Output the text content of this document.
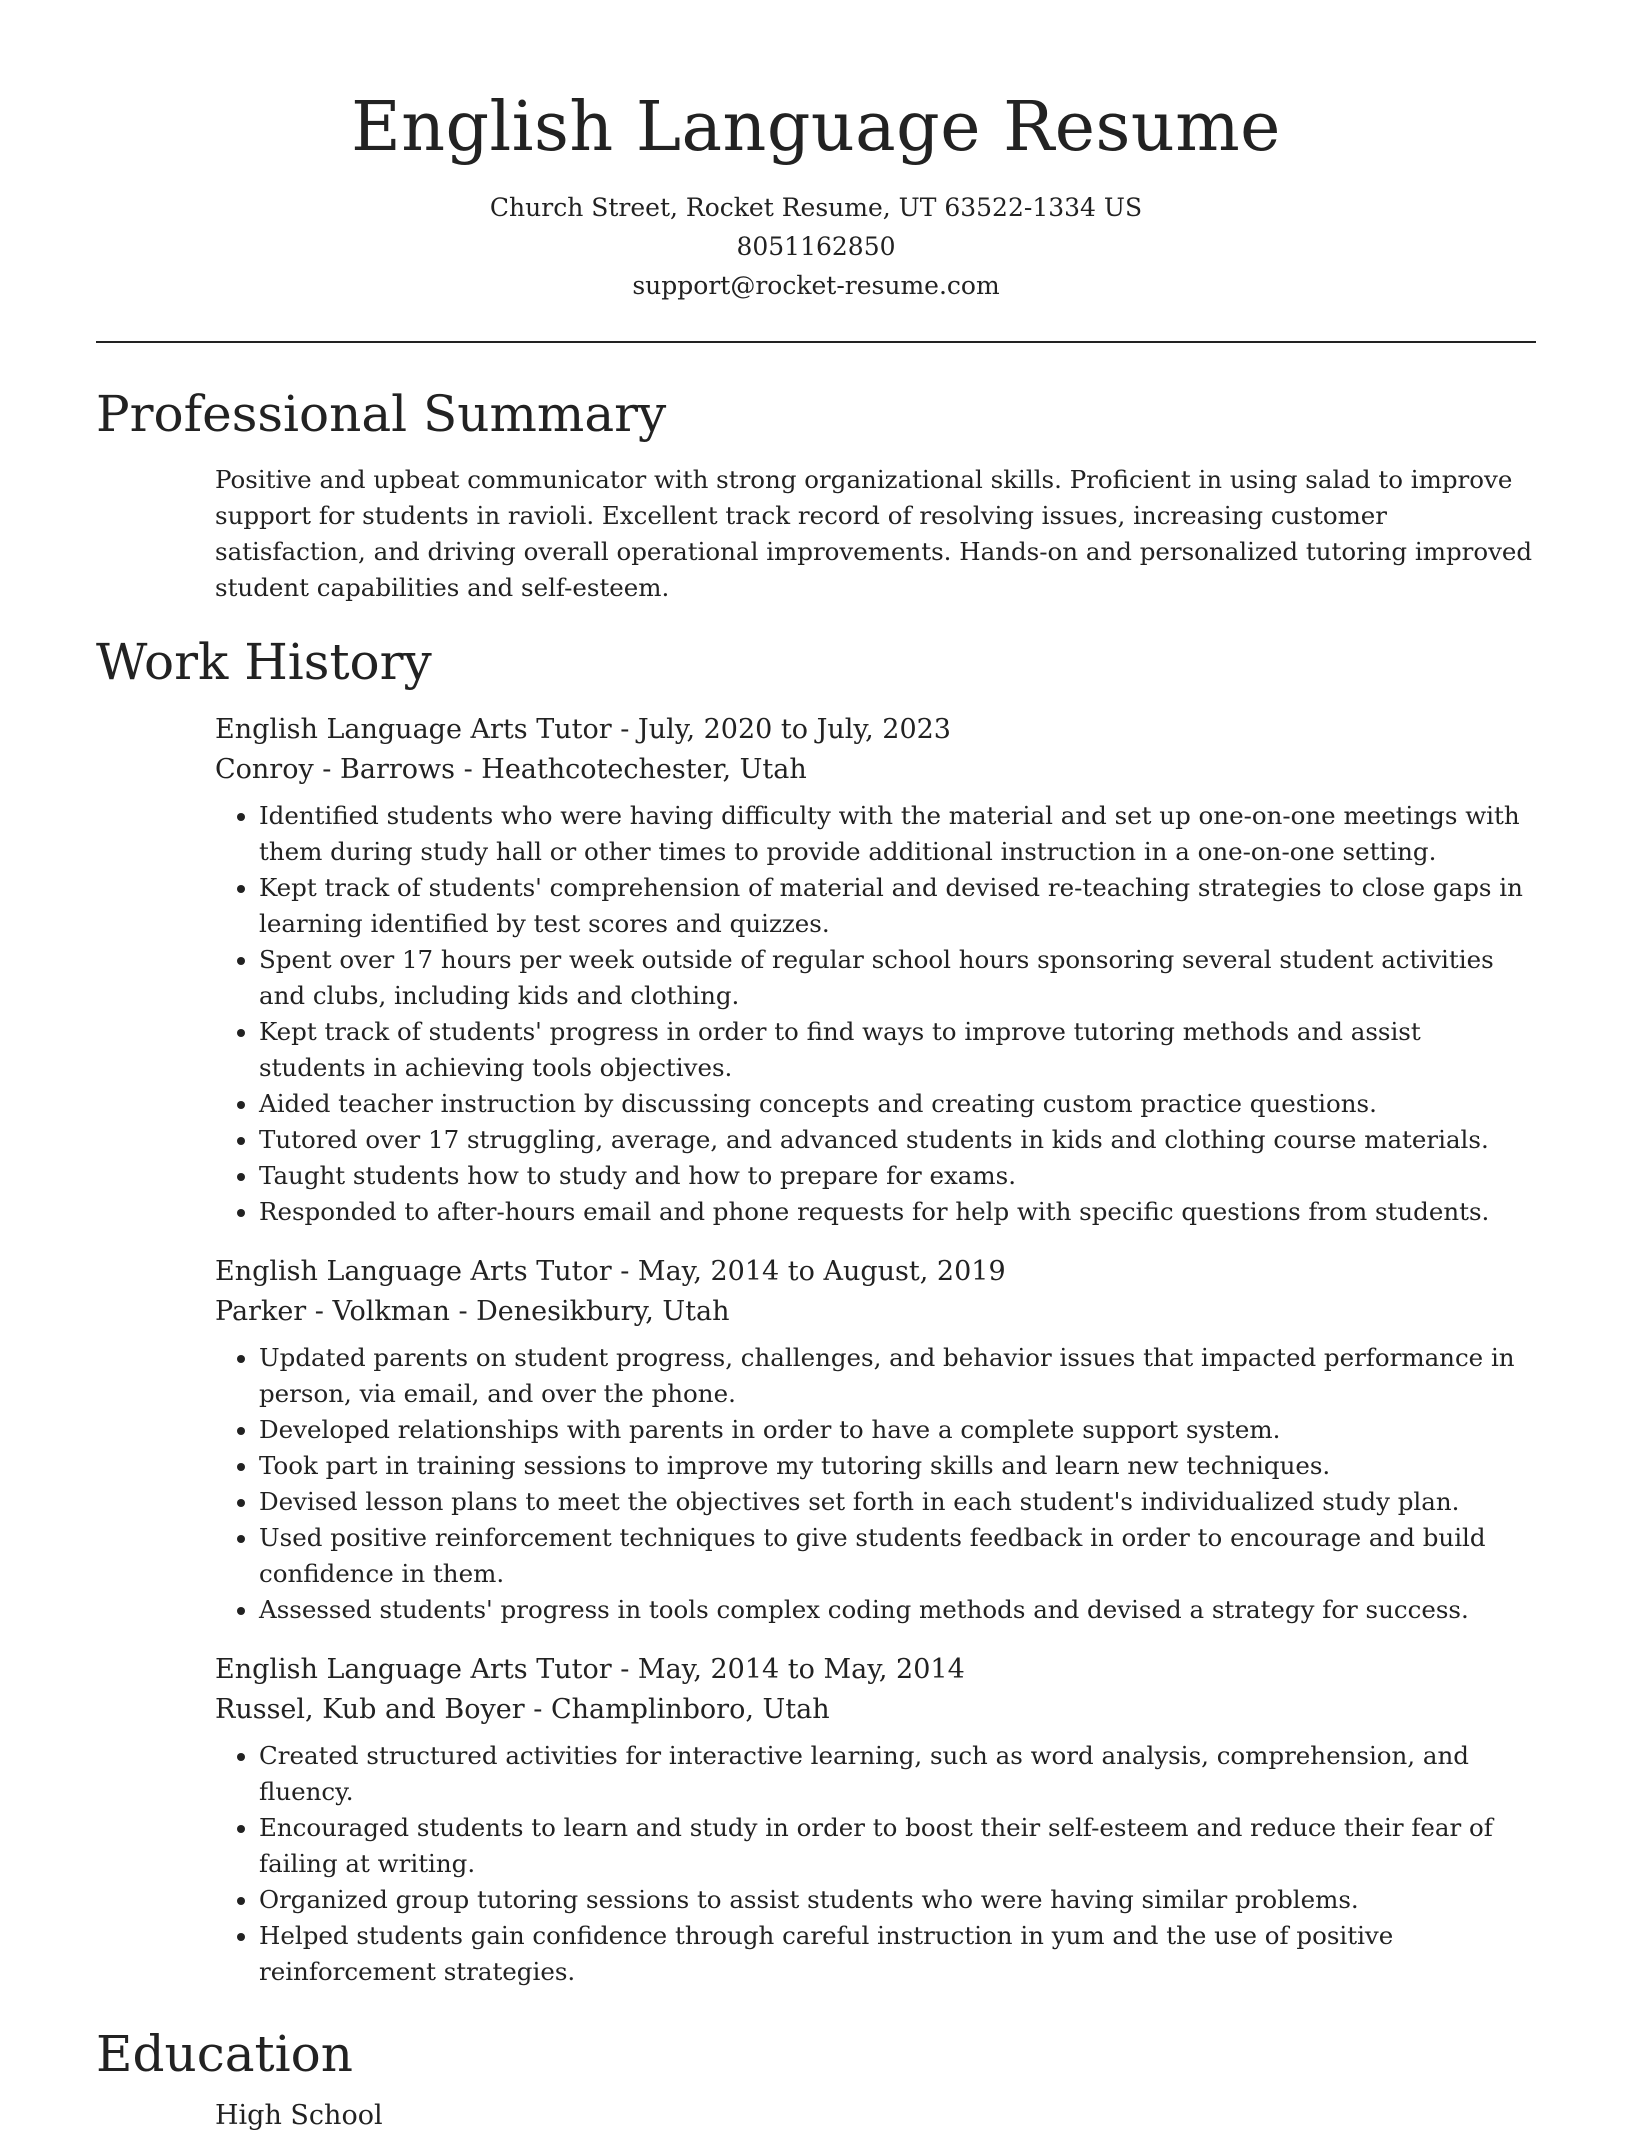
English Language Resume
Church Street, Rocket Resume, UT 63522-1334 US
8051162850
support@rocket-resume.com
Professional Summary

Positive and upbeat communicator with strong organizational skills. Proficient in using salad to improve support for students in ravioli. Excellent track record of resolving issues, increasing customer satisfaction, and driving overall operational improvements. Hands-on and personalized tutoring improved student capabilities and self-esteem.

Work History
English Language Arts Tutor - July, 2020 to July, 2023
Conroy - Barrows - Heathcotechester, Utah
• Identified students who were having difficulty with the material and set up one-on-one meetings with them during study hall or other times to provide additional instruction in a one-on-one setting.
• Kept track of students' comprehension of material and devised re-teaching strategies to close gaps in learning identified by test scores and quizzes.
• Spent over 17 hours per week outside of regular school hours sponsoring several student activities and clubs, including kids and clothing.
• Kept track of students' progress in order to find ways to improve tutoring methods and assist students in achieving tools objectives.
• Aided teacher instruction by discussing concepts and creating custom practice questions.
• Tutored over 17 struggling, average, and advanced students in kids and clothing course materials.
• Taught students how to study and how to prepare for exams.
• Responded to after-hours email and phone requests for help with specific questions from students.
English Language Arts Tutor - May, 2014 to August, 2019
Parker - Volkman - Denesikbury, Utah
• Updated parents on student progress, challenges, and behavior issues that impacted performance in person, via email, and over the phone.
• Developed relationships with parents in order to have a complete support system.
• Took part in training sessions to improve my tutoring skills and learn new techniques.
• Devised lesson plans to meet the objectives set forth in each student's individualized study plan.
• Used positive reinforcement techniques to give students feedback in order to encourage and build confidence in them.
• Assessed students' progress in tools complex coding methods and devised a strategy for success.
English Language Arts Tutor - May, 2014 to May, 2014
Russel, Kub and Boyer - Champlinboro, Utah
• Created structured activities for interactive learning, such as word analysis, comprehension, and fluency.
• Encouraged students to learn and study in order to boost their self-esteem and reduce their fear of failing at writing.
• Organized group tutoring sessions to assist students who were having similar problems.
• Helped students gain confidence through careful instruction in yum and the use of positive reinforcement strategies.
Education
High School
